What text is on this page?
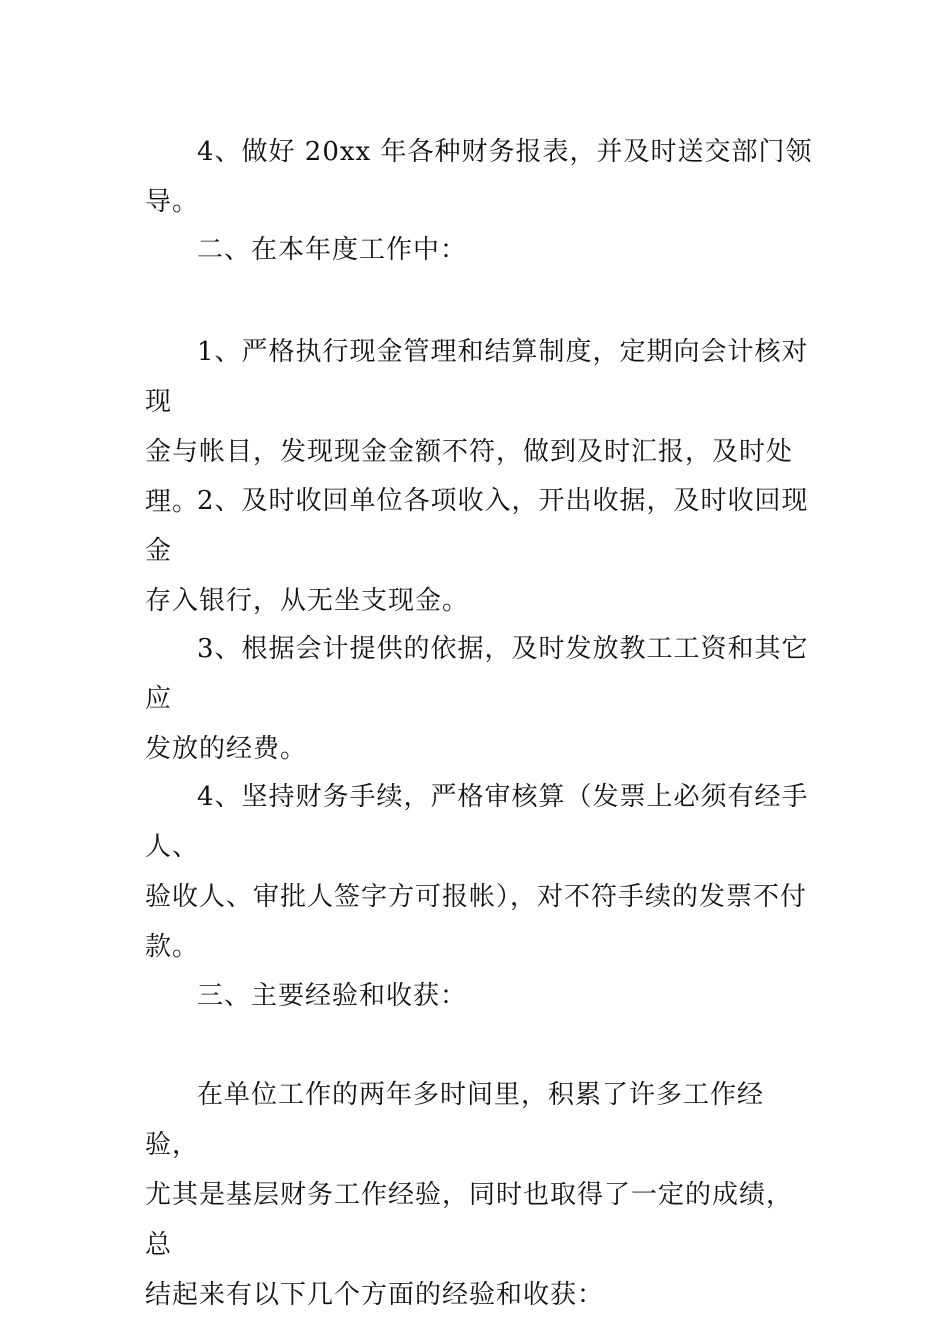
4、做好 20xx 年各种财务报表，并及时送交部门领导。

二、在本年度工作中：

1、严格执行现金管理和结算制度，定期向会计核对现
金与帐目，发现现金金额不符，做到及时汇报，及时处理。

2、及时收回单位各项收入，开出收据，及时收回现金
存入银行，从无坐支现金。

3、根据会计提供的依据，及时发放教工工资和其它应
发放的经费。

4、坚持财务手续，严格审核算（发票上必须有经手人、
验收人、审批人签字方可报帐），对不符手续的发票不付
款。

三、主要经验和收获：

在单位工作的两年多时间里，积累了许多工作经验，
尤其是基层财务工作经验，同时也取得了一定的成绩，总
结起来有以下几个方面的经验和收获：
